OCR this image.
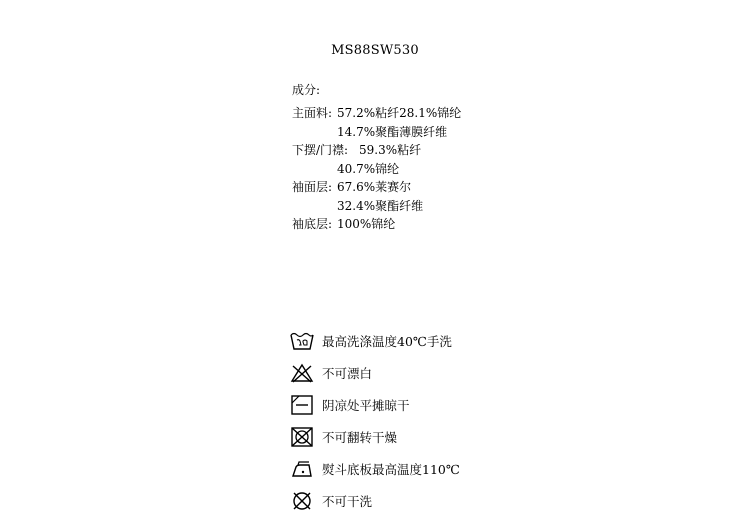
MS88SW530
成分:
主面料: 57.2%粘纤28.1%锦纶
14.7%聚酯薄膜纤维
下摆/门襟: 59.3%粘纤
40.7%锦纶
袖面层: 67.6%莱赛尔
32.4%聚酯纤维
袖底层: 100%锦纶
最高洗涤温度40℃手洗
不可漂白
阴凉处平摊晾干
不可翻转干燥
熨斗底板最高温度110℃
不可干洗
